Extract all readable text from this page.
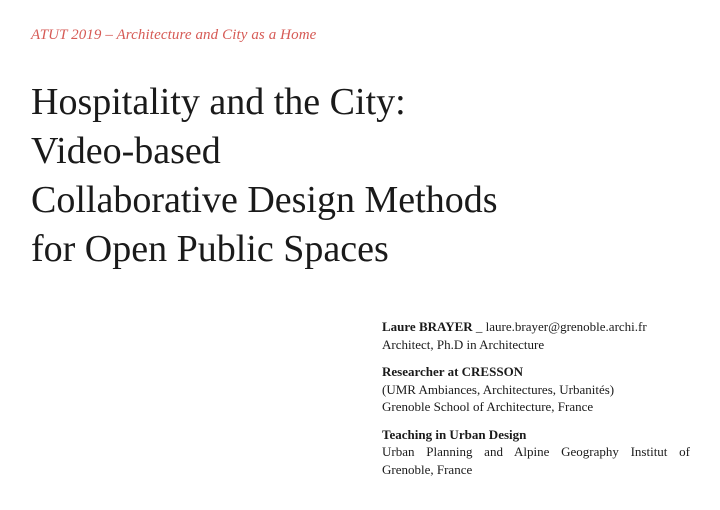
ATUT 2019 – Architecture and City as a Home
Hospitality and the City:
Video-based
Collaborative Design Methods
for Open Public Spaces
Laure BRAYER _ laure.brayer@grenoble.archi.fr
Architect, Ph.D in Architecture
Researcher at CRESSON
(UMR Ambiances, Architectures, Urbanités)
Grenoble School of Architecture, France
Teaching in Urban Design
Urban Planning and Alpine Geography Institut of Grenoble, France
